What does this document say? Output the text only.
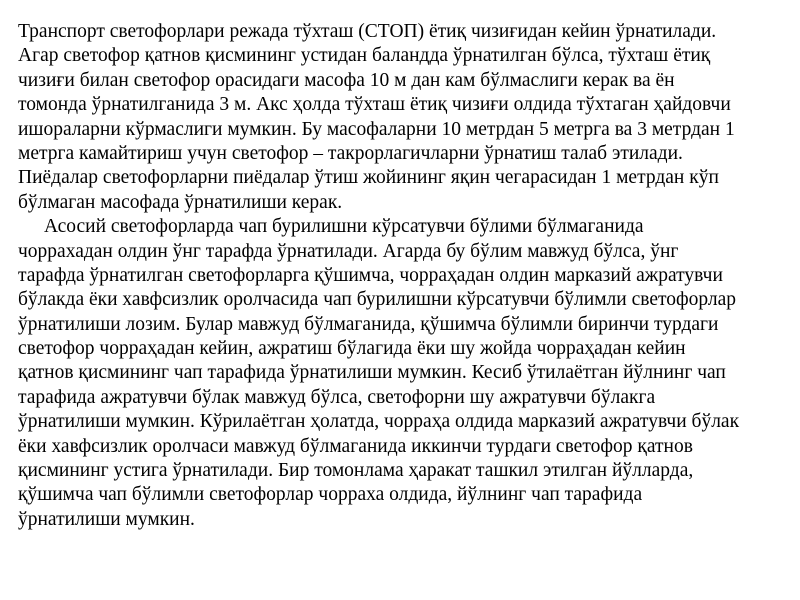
Транспорт светофорлари режада тўхташ (СТОП) ётиқ чизиғидан кейин ўрнатилади.
Агар светофор қатнов қисмининг устидан баландда ўрнатилган бўлса, тўхташ ётиқ
чизиғи билан светофор орасидаги масофа 10 м дан кам бўлмаслиги керак ва ён
томонда ўрнатилганида 3 м. Акс ҳолда тўхташ ётиқ чизиғи олдида тўхтаган ҳайдовчи
ишораларни кўрмаслиги мумкин. Бу масофаларни 10 метрдан 5 метрга ва 3 метрдан 1
метрга камайтириш учун светофор – такрорлагичларни ўрнатиш талаб этилади.
Пиёдалар светофорларни пиёдалар ўтиш жойининг яқин чегарасидан 1 метрдан кўп
бўлмаган масофада ўрнатилиши керак.
Асосий светофорларда чап бурилишни кўрсатувчи бўлими бўлмаганида
чоррахадан олдин ўнг тарафда ўрнатилади. Агарда бу бўлим мавжуд бўлса, ўнг
тарафда ўрнатилган светофорларга қўшимча, чорраҳадан олдин марказий ажратувчи
бўлакда ёки хавфсизлик оролчасида чап бурилишни кўрсатувчи бўлимли светофорлар
ўрнатилиши лозим. Булар мавжуд бўлмаганида, қўшимча бўлимли биринчи турдаги
светофор чорраҳадан кейин, ажратиш бўлагида ёки шу жойда чорраҳадан кейин
қатнов қисмининг чап тарафида ўрнатилиши мумкин. Кесиб ўтилаётган йўлнинг чап
тарафида ажратувчи бўлак мавжуд бўлса, светофорни шу ажратувчи бўлакга
ўрнатилиши мумкин. Кўрилаётган ҳолатда, чорраҳа олдида марказий ажратувчи бўлак
ёки хавфсизлик оролчаси мавжуд бўлмаганида иккинчи турдаги светофор қатнов
қисмининг устига ўрнатилади. Бир томонлама ҳаракат ташкил этилган йўлларда,
қўшимча чап бўлимли светофорлар чорраха олдида, йўлнинг чап тарафида
ўрнатилиши мумкин.
